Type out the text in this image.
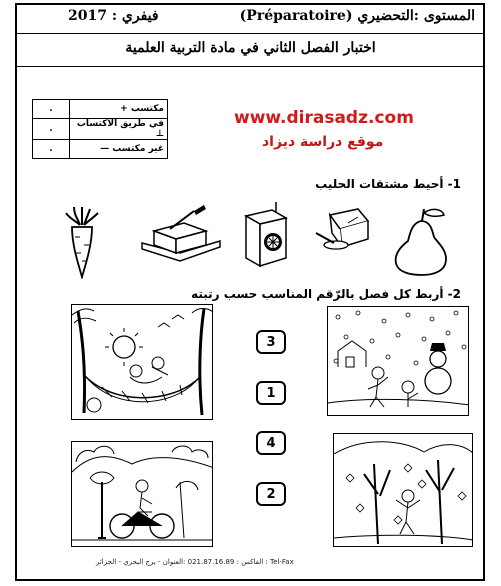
المستوى :التحضيري (Préparatoire)
فيفري : 2017
اختبار الفصل الثاني في مادة التربية العلمية
.	مكتسب +
.	في طريق الاكتساب ⊥
.	غير مكتسب —
www.dirasadz.com
موقع دراسة ديزاد
1- أحيط مشتقات الحليب
2- أربط كل فصل بالرّقم المناسب حسب رتبته
3
1
4
2
Tel-Fax : الفاكس : 021.87.16.89 :العنوان - برج البحري - الجزائر
